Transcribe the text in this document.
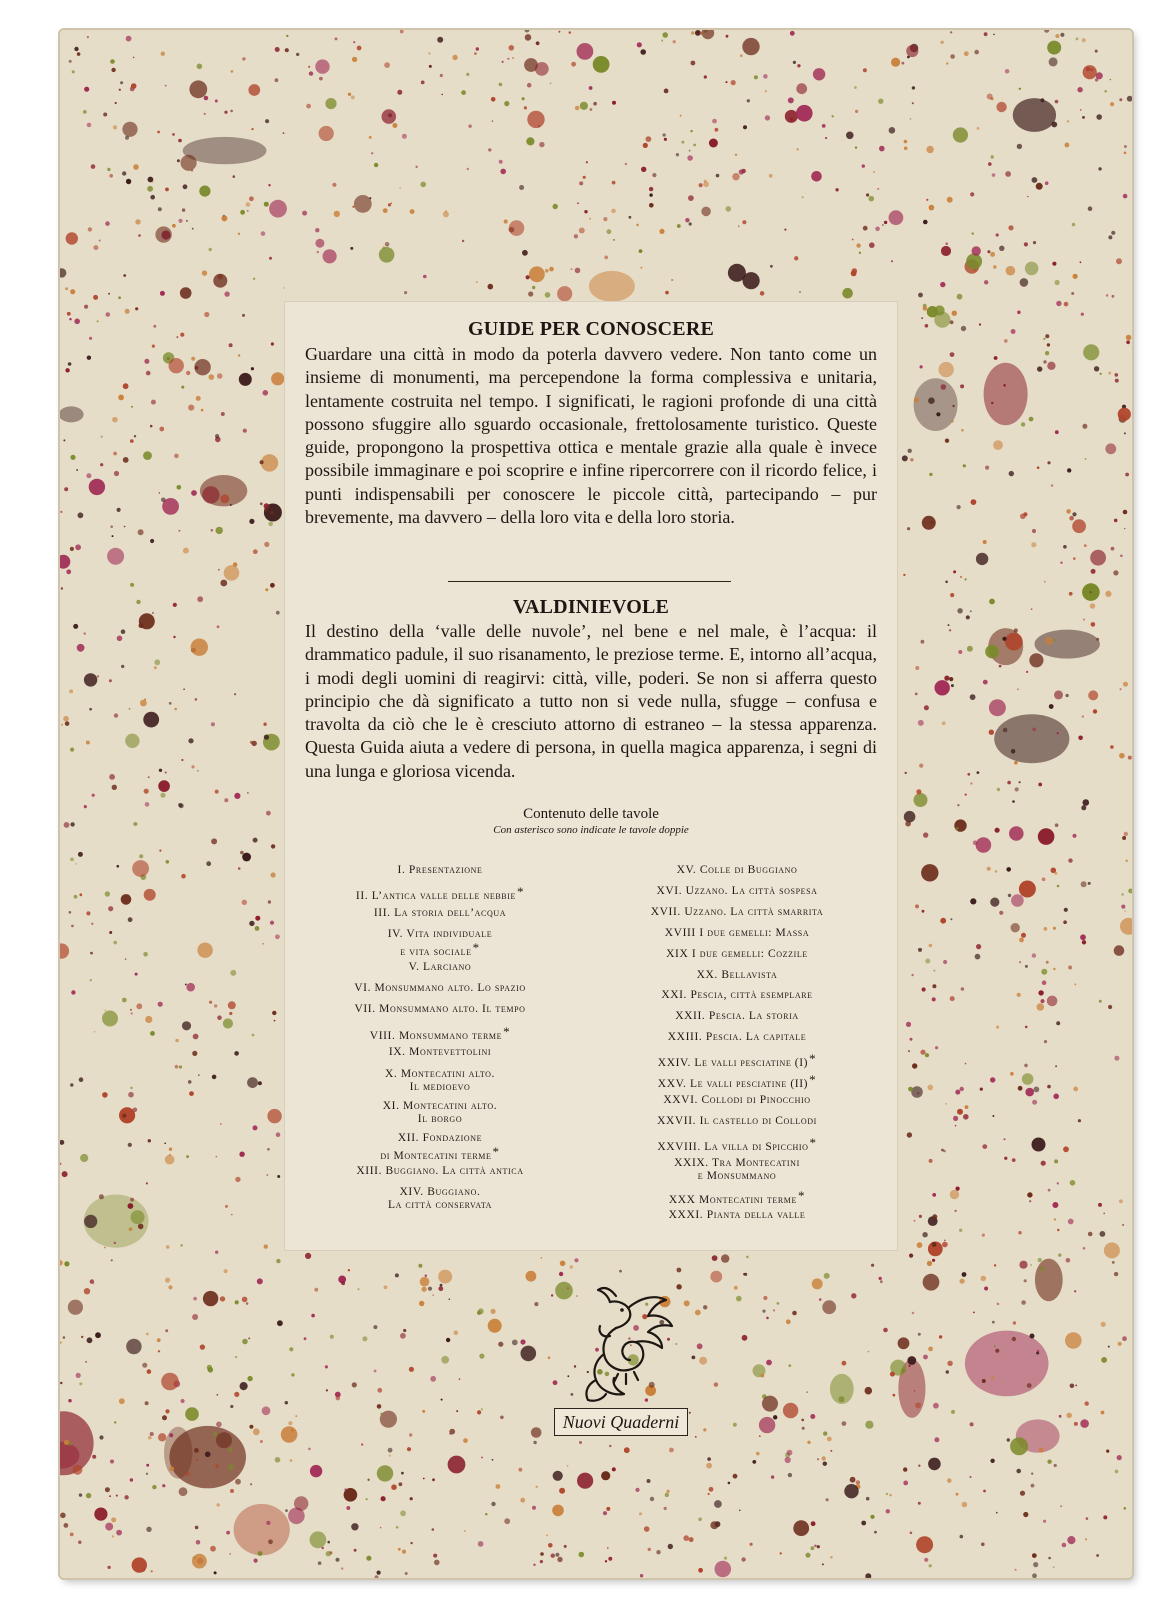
GUIDE PER CONOSCERE

Guardare una città in modo da poterla davvero vedere. Non tanto come un insieme di monumenti, ma percependone la forma complessiva e unitaria, lentamente costruita nel tempo. I significati, le ragioni profonde di una città possono sfuggire allo sguardo occasionale, frettolosamente turistico. Queste guide, propongono la prospettiva ottica e mentale grazie alla quale è invece possibile immaginare e poi scoprire e infine ripercorrere con il ricordo felice, i punti indispensabili per conoscere le piccole città, partecipando – pur brevemente, ma davvero – della loro vita e della loro storia.

VALDINIEVOLE

Il destino della ‘valle delle nuvole’, nel bene e nel male, è l’acqua: il drammatico padule, il suo risanamento, le preziose terme. E, intorno all’acqua, i modi degli uomini di reagirvi: città, ville, poderi. Se non si afferra questo principio che dà significato a tutto non si vede nulla, sfugge – confusa e travolta da ciò che le è cresciuto attorno di estraneo – la stessa apparenza. Questa Guida aiuta a vedere di persona, in quella magica apparenza, i segni di una lunga e gloriosa vicenda.

Contenuto delle tavole
Con asterisco sono indicate le tavole doppie
I. Presentazione
II. L’antica valle delle nebbie*
III. La storia dell’acqua
IV. Vita individuale
e vita sociale*
V. Larciano
VI. Monsummano alto. Lo spazio
VII. Monsummano alto. Il tempo
VIII. Monsummano terme*
IX. Montevettolini
X. Montecatini alto.
Il medioevo
XI. Montecatini alto.
Il borgo
XII. Fondazione
di Montecatini terme*
XIII. Buggiano. La città antica
XIV. Buggiano.
La città conservata
XV. Colle di Buggiano
XVI. Uzzano. La città sospesa
XVII. Uzzano. La città smarrita
XVIII I due gemelli: Massa
XIX I due gemelli: Cozzile
XX. Bellavista
XXI. Pescia, città esemplare
XXII. Pescia. La storia
XXIII. Pescia. La capitale
XXIV. Le valli pesciatine (I)*
XXV. Le valli pesciatine (II)*
XXVI. Collodi di Pinocchio
XXVII. Il castello di Collodi
XXVIII. La villa di Spicchio*
XXIX. Tra Montecatini
e Monsummano
XXX Montecatini terme*
XXXI. Pianta della valle
Nuovi Quaderni
